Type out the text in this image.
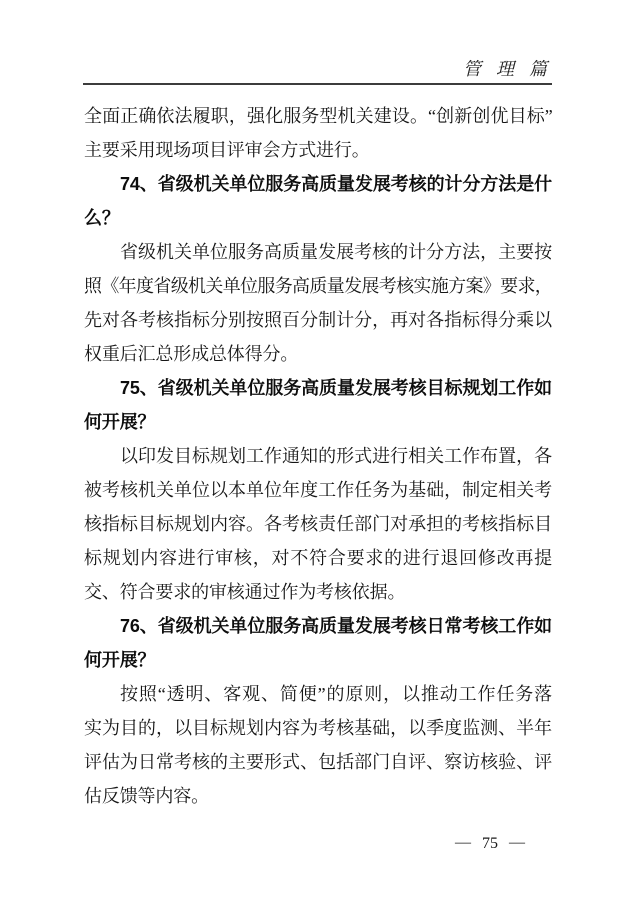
管  理  篇
全面正确依法履职，强化服务型机关建设。“创新创优目标”
主要采用现场项目评审会方式进行。
74、省级机关单位服务高质量发展考核的计分方法是什
么？
省级机关单位服务高质量发展考核的计分方法，主要按
照《年度省级机关单位服务高质量发展考核实施方案》要求，
先对各考核指标分别按照百分制计分，再对各指标得分乘以
权重后汇总形成总体得分。
75、省级机关单位服务高质量发展考核目标规划工作如
何开展？
以印发目标规划工作通知的形式进行相关工作布置，各
被考核机关单位以本单位年度工作任务为基础，制定相关考
核指标目标规划内容。各考核责任部门对承担的考核指标目
标规划内容进行审核，对不符合要求的进行退回修改再提
交、符合要求的审核通过作为考核依据。
76、省级机关单位服务高质量发展考核日常考核工作如
何开展？
按照“透明、客观、简便”的原则，以推动工作任务落
实为目的，以目标规划内容为考核基础，以季度监测、半年
评估为日常考核的主要形式、包括部门自评、察访核验、评
估反馈等内容。
— 75 —
